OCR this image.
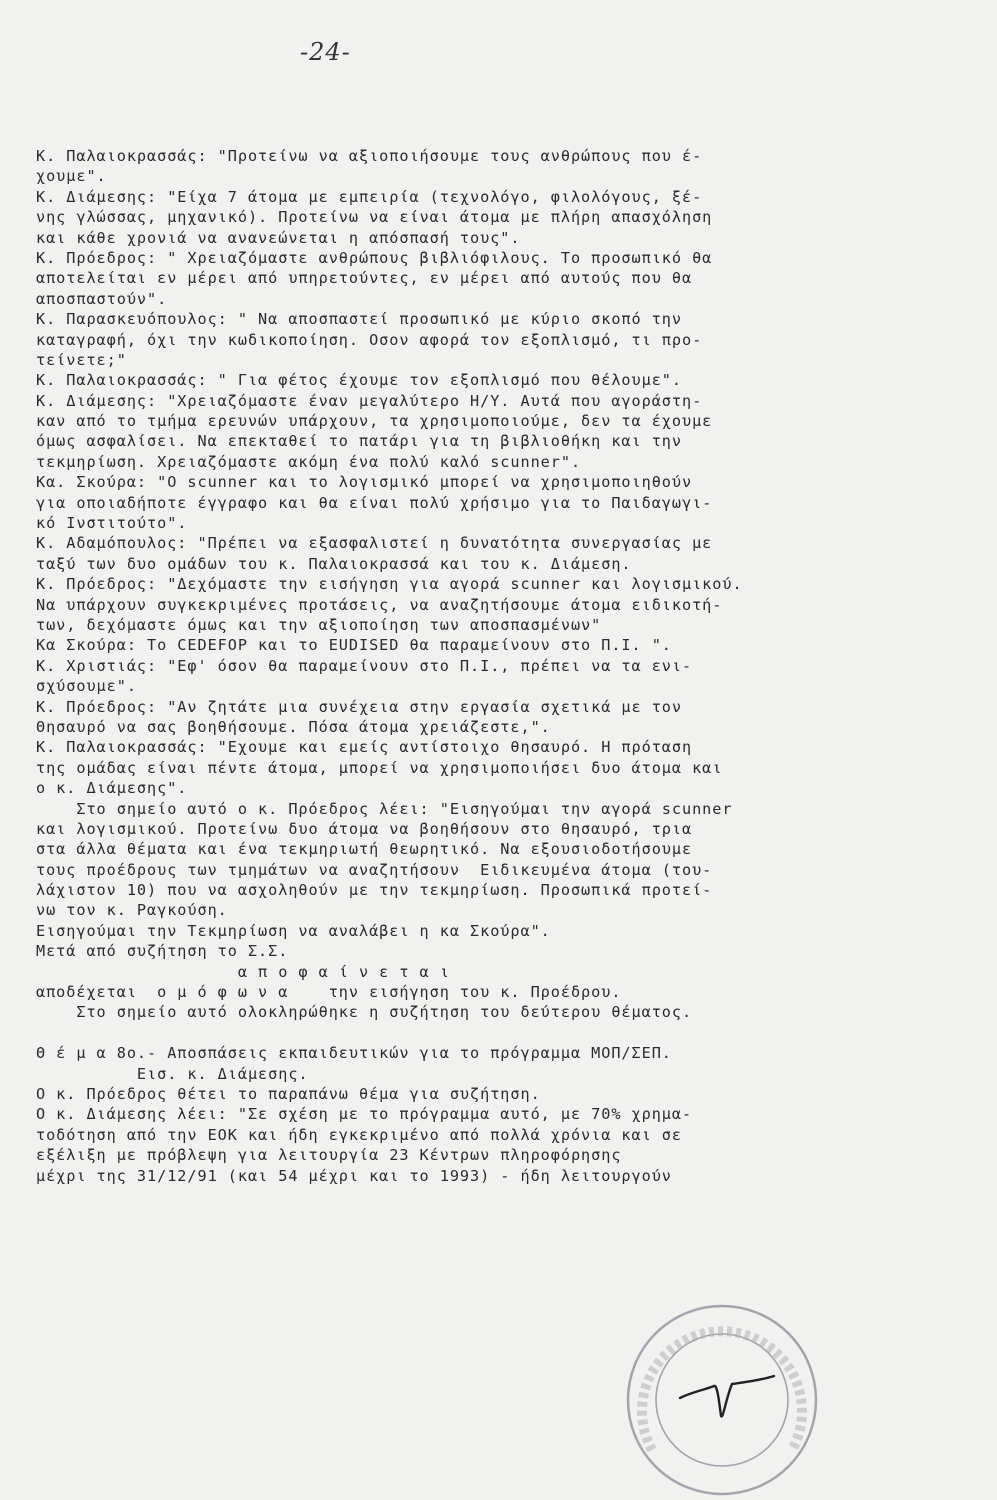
-24-
Κ. Παλαιοκρασσάς: "Προτείνω να αξιοποιήσουμε τους ανθρώπους που έ-
χουμε".
Κ. Διάμεσης: "Είχα 7 άτομα με εμπειρία (τεχνολόγο, φιλολόγους, ξέ-
νης γλώσσας, μηχανικό). Προτείνω να είναι άτομα με πλήρη απασχόληση
και κάθε χρονιά να ανανεώνεται η απόσπασή τους".
Κ. Πρόεδρος: " Χρειαζόμαστε ανθρώπους βιβλιόφιλους. Το προσωπικό θα
αποτελείται εν μέρει από υπηρετούντες, εν μέρει από αυτούς που θα
αποσπαστούν".
Κ. Παρασκευόπουλος: " Να αποσπαστεί προσωπικό με κύριο σκοπό την
καταγραφή, όχι την κωδικοποίηση. Οσον αφορά τον εξοπλισμό, τι προ-
τείνετε;"
Κ. Παλαιοκρασσάς: " Για φέτος έχουμε τον εξοπλισμό που θέλουμε".
Κ. Διάμεσης: "Χρειαζόμαστε έναν μεγαλύτερο Η/Υ. Αυτά που αγοράστη-
καν από το τμήμα ερευνών υπάρχουν, τα χρησιμοποιούμε, δεν τα έχουμε
όμως ασφαλίσει. Να επεκταθεί το πατάρι για τη βιβλιοθήκη και την
τεκμηρίωση. Χρειαζόμαστε ακόμη ένα πολύ καλό scunner".
Κα. Σκούρα: "Ο scunner και το λογισμικό μπορεί να χρησιμοποιηθούν
για οποιαδήποτε έγγραφο και θα είναι πολύ χρήσιμο για το Παιδαγωγι-
κό Ινστιτούτο".
Κ. Αδαμόπουλος: "Πρέπει να εξασφαλιστεί η δυνατότητα συνεργασίας με
ταξύ των δυο ομάδων του κ. Παλαιοκρασσά και του κ. Διάμεση.
Κ. Πρόεδρος: "Δεχόμαστε την εισήγηση για αγορά scunner και λογισμικού.
Να υπάρχουν συγκεκριμένες προτάσεις, να αναζητήσουμε άτομα ειδικοτή-
των, δεχόμαστε όμως και την αξιοποίηση των αποσπασμένων"
Κα Σκούρα: Το CEDEFOP και το EUDISED θα παραμείνουν στο Π.Ι. ".
Κ. Χριστιάς: "Εφ' όσον θα παραμείνουν στο Π.Ι., πρέπει να τα ενι-
σχύσουμε".
Κ. Πρόεδρος: "Αν ζητάτε μια συνέχεια στην εργασία σχετικά με τον
Θησαυρό να σας βοηθήσουμε. Πόσα άτομα χρειάζεστε,".
Κ. Παλαιοκρασσάς: "Εχουμε και εμείς αντίστοιχο θησαυρό. Η πρόταση
της ομάδας είναι πέντε άτομα, μπορεί να χρησιμοποιήσει δυο άτομα και
ο κ. Διάμεσης".
Στο σημείο αυτό ο κ. Πρόεδρος λέει: "Εισηγούμαι την αγορά scunner
και λογισμικού. Προτείνω δυο άτομα να βοηθήσουν στο θησαυρό, τρια
στα άλλα θέματα και ένα τεκμηριωτή θεωρητικό. Να εξουσιοδοτήσουμε
τους προέδρους των τμημάτων να αναζητήσουν  Ειδικευμένα άτομα (του-
λάχιστον 10) που να ασχοληθούν με την τεκμηρίωση. Προσωπικά προτεί-
νω τον κ. Ραγκούση.
Εισηγούμαι την Τεκμηρίωση να αναλάβει η κα Σκούρα".
Μετά από συζήτηση το Σ.Σ.
α π ο φ α ί ν ε τ α ι
αποδέχεται  ο μ ό φ ω ν α    την εισήγηση του κ. Προέδρου.
Στο σημείο αυτό ολοκληρώθηκε η συζήτηση του δεύτερου θέματος.
Θ έ μ α 8ο.- Αποσπάσεις εκπαιδευτικών για το πρόγραμμα ΜΟΠ/ΣΕΠ.
Εισ. κ. Διάμεσης.
Ο κ. Πρόεδρος θέτει το παραπάνω θέμα για συζήτηση.
Ο κ. Διάμεσης λέει: "Σε σχέση με το πρόγραμμα αυτό, με 70% χρημα-
τοδότηση από την ΕΟΚ και ήδη εγκεκριμένο από πολλά χρόνια και σε
εξέλιξη με πρόβλεψη για λειτουργία 23 Κέντρων πληροφόρησης
μέχρι της 31/12/91 (και 54 μέχρι και το 1993) - ήδη λειτουργούν
